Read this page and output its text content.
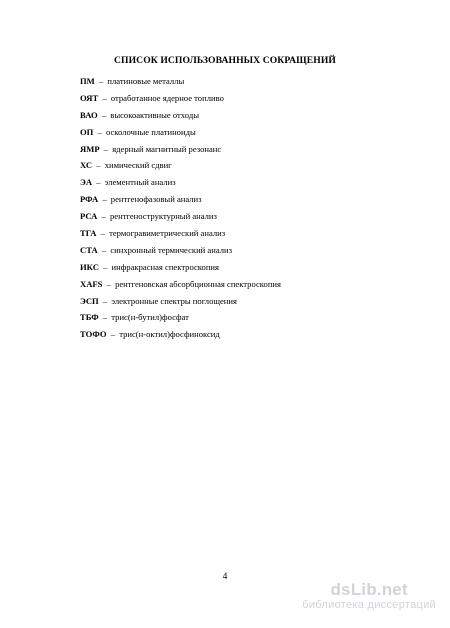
СПИСОК ИСПОЛЬЗОВАННЫХ СОКРАЩЕНИЙ
ПМ – платиновые металлы
ОЯТ – отработанное ядерное топливо
ВАО – высокоактивные отходы
ОП – осколочные платиноиды
ЯМР – ядерный магнитный резонанс
ХС – химический сдвиг
ЭА – элементный анализ
РФА – рентгенофазовый анализ
РСА – рентгеноструктурный анализ
ТГА – термогравиметрический анализ
СТА – синхронный термический анализ
ИКС – инфракрасная спектроскопия
XAFS – рентгеновская абсорбционная спектроскопия
ЭСП – электронные спектры поглощения
ТБФ – трис(н-бутил)фосфат
ТОФО – трис(н-октил)фосфиноксид
4
dsLib.net
библиотека диссертаций
